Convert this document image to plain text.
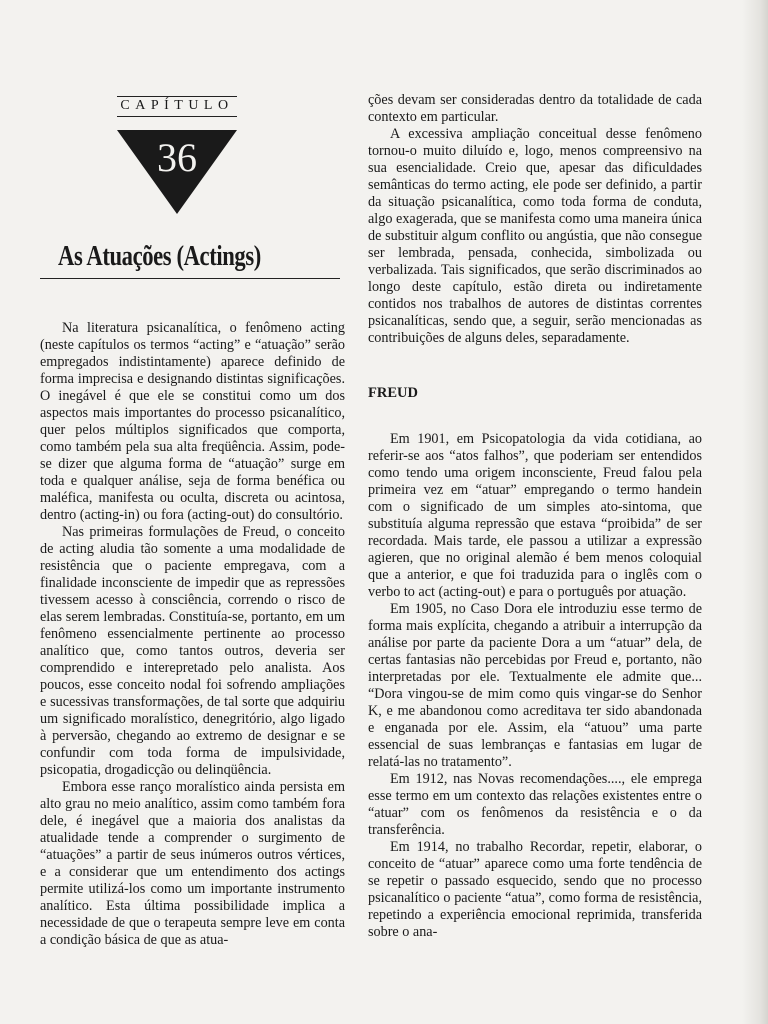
CAPÍTULO
36
As Atuações (Actings)

Na literatura psicanalítica, o fenômeno acting (neste capítulos os termos “acting” e “atuação” serão empregados indistintamente) aparece definido de forma imprecisa e designando distintas significações. O inegável é que ele se constitui como um dos aspectos mais importantes do processo psicanalítico, quer pelos múltiplos significados que comporta, como também pela sua alta freqüência. Assim, pode-se dizer que alguma forma de “atuação” surge em toda e qualquer análise, seja de forma benéfica ou maléfica, manifesta ou oculta, discreta ou acintosa, dentro (acting-in) ou fora (acting-out) do consultório.

Nas primeiras formulações de Freud, o conceito de acting aludia tão somente a uma modalidade de resistência que o paciente empregava, com a finalidade inconsciente de impedir que as repressões tivessem acesso à consciência, correndo o risco de elas serem lembradas. Constituía-se, portanto, em um fenômeno essencialmente pertinente ao processo analítico que, como tantos outros, deveria ser comprendido e interepretado pelo analista. Aos poucos, esse conceito nodal foi sofrendo ampliações e sucessivas transformações, de tal sorte que adquiriu um significado moralístico, denegritório, algo ligado à perversão, chegando ao extremo de designar e se confundir com toda forma de impulsividade, psicopatia, drogadicção ou delinqüência.

Embora esse ranço moralístico ainda persista em alto grau no meio analítico, assim como também fora dele, é inegável que a maioria dos analistas da atualidade tende a comprender o surgimento de “atuações” a partir de seus inúmeros outros vértices, e a considerar que um entendimento dos actings permite utilizá-los como um importante instrumento analítico. Esta última possibilidade implica a necessidade de que o terapeuta sempre leve em conta a condição básica de que as atua-

ções devam ser consideradas dentro da totalidade de cada contexto em particular.

A excessiva ampliação conceitual desse fenômeno tornou-o muito diluído e, logo, menos compreensivo na sua esencialidade. Creio que, apesar das dificuldades semânticas do termo acting, ele pode ser definido, a partir da situação psicanalítica, como toda forma de conduta, algo exagerada, que se manifesta como uma maneira única de substituir algum conflito ou angústia, que não consegue ser lembrada, pensada, conhecida, simbolizada ou verbalizada. Tais significados, que serão discriminados ao longo deste capítulo, estão direta ou indiretamente contidos nos trabalhos de autores de distintas correntes psicanalíticas, sendo que, a seguir, serão mencionadas as contribuições de alguns deles, separadamente.

FREUD

Em 1901, em Psicopatologia da vida cotidiana, ao referir-se aos “atos falhos”, que poderiam ser entendidos como tendo uma origem inconsciente, Freud falou pela primeira vez em “atuar” empregando o termo handein com o significado de um simples ato-sintoma, que substituía alguma repressão que estava “proibida” de ser recordada. Mais tarde, ele passou a utilizar a expressão agieren, que no original alemão é bem menos coloquial que a anterior, e que foi traduzida para o inglês com o verbo to act (acting-out) e para o português por atuação.

Em 1905, no Caso Dora ele introduziu esse termo de forma mais explícita, chegando a atribuir a interrupção da análise por parte da paciente Dora a um “atuar” dela, de certas fantasias não percebidas por Freud e, portanto, não interpretadas por ele. Textualmente ele admite que... “Dora vingou-se de mim como quis vingar-se do Senhor K, e me abandonou como acreditava ter sido abandonada e enganada por ele. Assim, ela “atuou” uma parte essencial de suas lembranças e fantasias em lugar de relatá-las no tratamento”.

Em 1912, nas Novas recomendações...., ele emprega esse termo em um contexto das relações existentes entre o “atuar” com os fenômenos da resistência e o da transferência.

Em 1914, no trabalho Recordar, repetir, elaborar, o conceito de “atuar” aparece como uma forte tendência de se repetir o passado esquecido, sendo que no processo psicanalítico o paciente “atua”, como forma de resistência, repetindo a experiência emocional reprimida, transferida sobre o ana-
